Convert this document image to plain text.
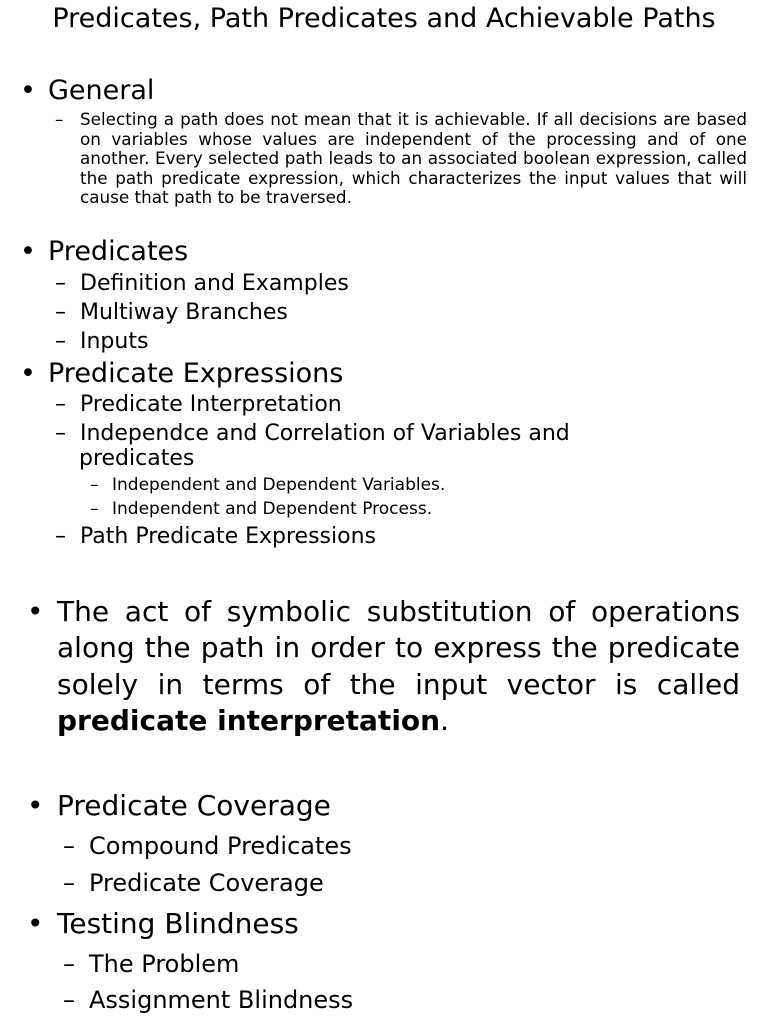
Predicates, Path Predicates and Achievable Paths
• General
– Selecting a path does not mean that it is achievable. If all decisions are based on variables whose values are independent of the processing and of one another. Every selected path leads to an associated boolean expression, called the path predicate expression, which characterizes the input values that will cause that path to be traversed.
• Predicates
– Definition and Examples
– Multiway Branches
– Inputs
• Predicate Expressions
– Predicate Interpretation
– Independce and Correlation of Variables and
predicates
– Independent and Dependent Variables.
– Independent and Dependent Process.
– Path Predicate Expressions
• The act of symbolic substitution of operations along the path in order to express the predicate solely in terms of the input vector is called predicate interpretation.
• Predicate Coverage
– Compound Predicates
– Predicate Coverage
• Testing Blindness
– The Problem
– Assignment Blindness
